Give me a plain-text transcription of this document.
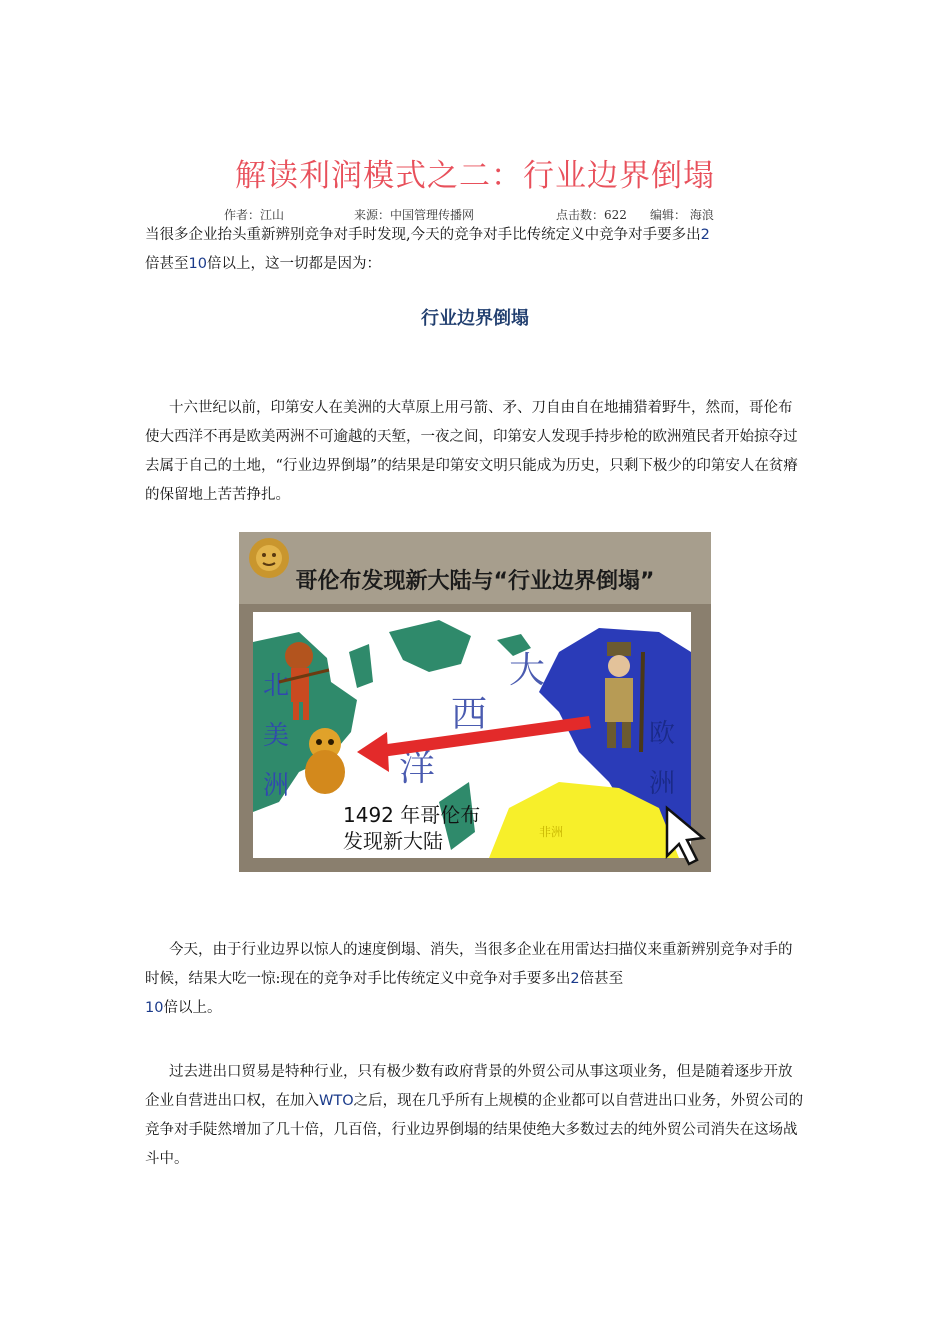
解读利润模式之二：行业边界倒塌
作者：江山	来源：中国管理传播网	点击数：622 编辑： 海浪

当很多企业抬头重新辨别竞争对手时发现,今天的竞争对手比传统定义中竞争对手要多出2
倍甚至10倍以上，这一切都是因为：

行业边界倒塌

十六世纪以前，印第安人在美洲的大草原上用弓箭、矛、刀自由自在地捕猎着野牛，然而，哥伦布使大西洋不再是欧美两洲不可逾越的天堑，一夜之间，印第安人发现手持步枪的欧洲殖民者开始掠夺过去属于自己的土地，“行业边界倒塌”的结果是印第安文明只能成为历史，只剩下极少的印第安人在贫瘠的保留地上苦苦挣扎。

哥伦布发现新大陆与“行业边界倒塌”
非洲
大
西
洋
北
美
洲
欧
洲
1492 年哥伦布
发现新大陆

今天，由于行业边界以惊人的速度倒塌、消失，当很多企业在用雷达扫描仪来重新辨别竞争对手的时候，结果大吃一惊:现在的竞争对手比传统定义中竞争对手要多出2倍甚至
10倍以上。

过去进出口贸易是特种行业，只有极少数有政府背景的外贸公司从事这项业务，但是随着逐步开放企业自营进出口权，在加入WTO之后，现在几乎所有上规模的企业都可以自营进出口业务，外贸公司的竞争对手陡然增加了几十倍，几百倍，行业边界倒塌的结果使绝大多数过去的纯外贸公司消失在这场战斗中。
